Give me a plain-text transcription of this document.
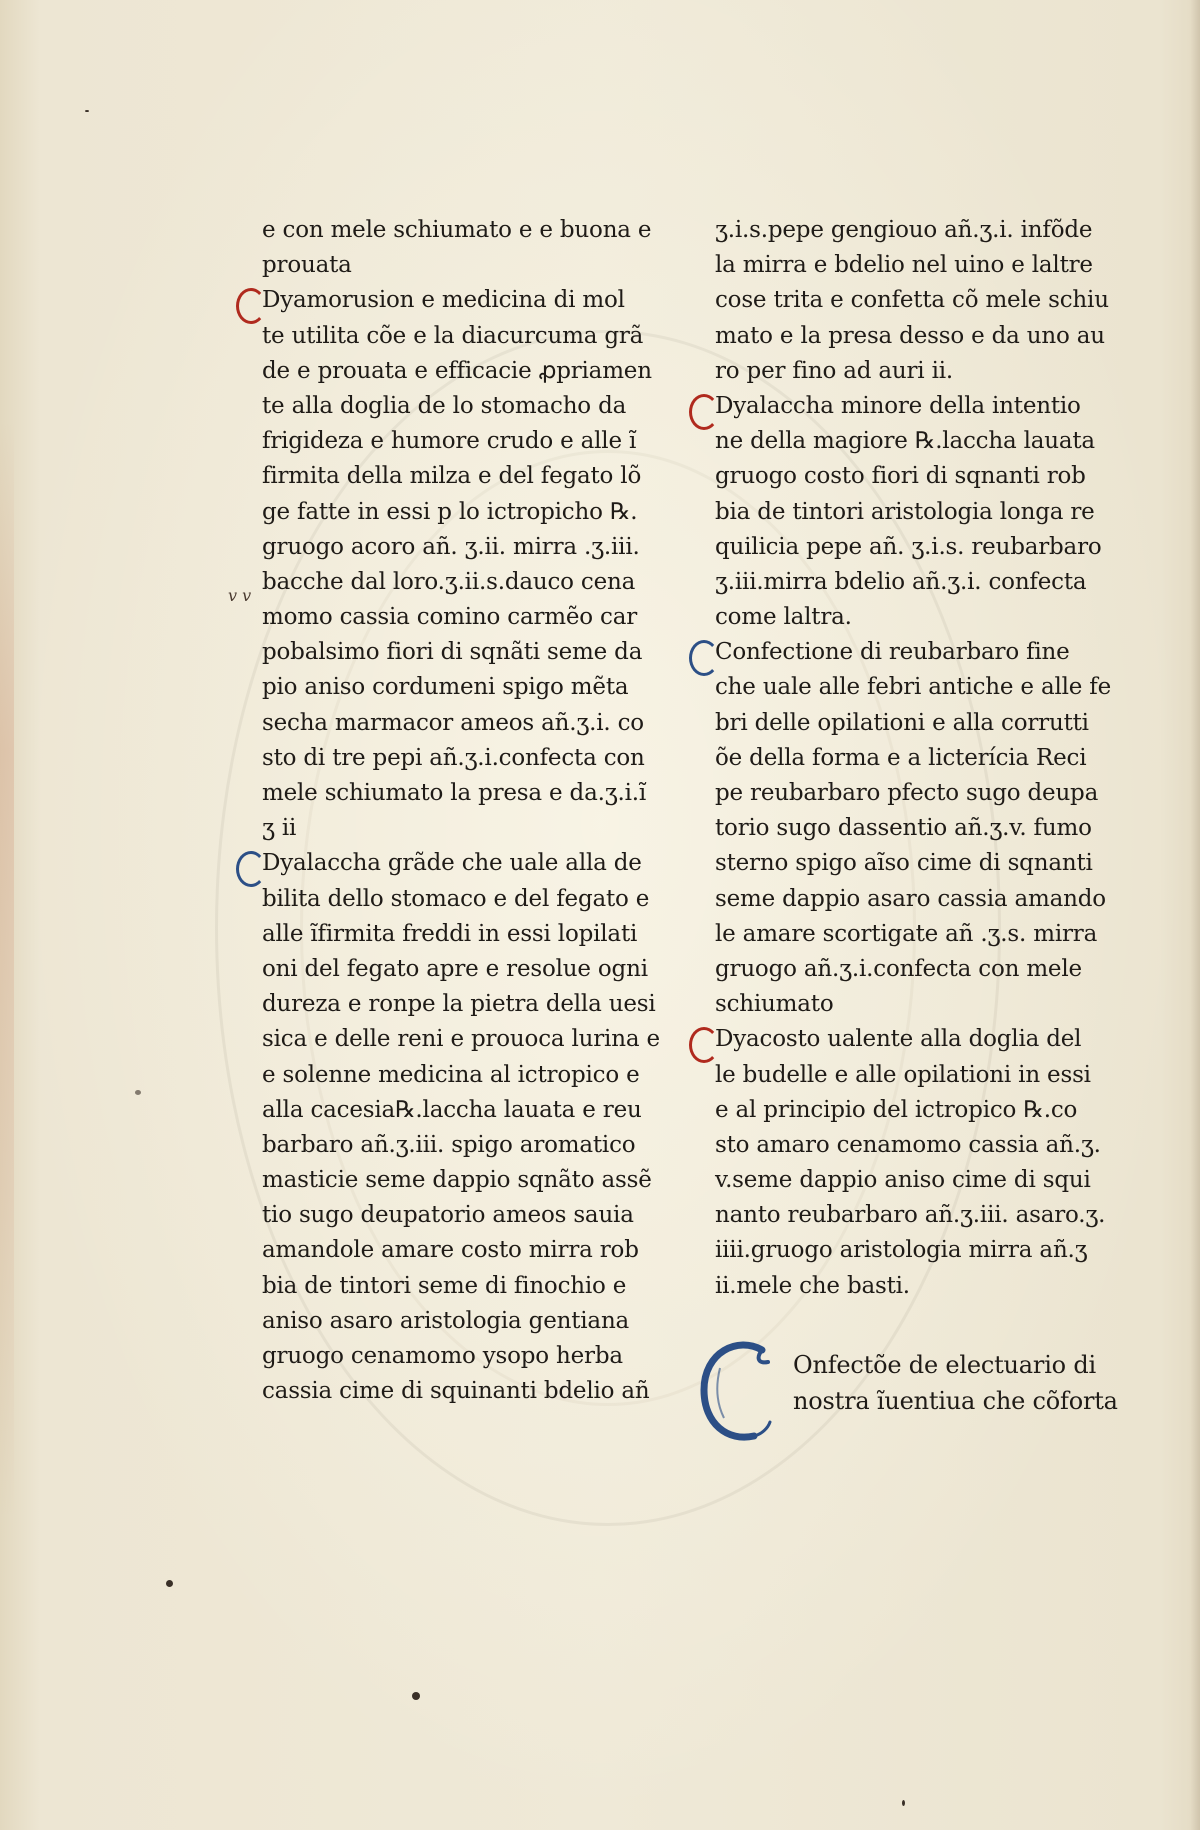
v v
e con mele schiumato e e buona e
prouata
Dyamorusion e medicina di mol
te utilita cõe e la diacurcuma grã
de e prouata e efficacie ꝓpriamen
te alla doglia de lo stomacho da
frigideza e humore crudo e alle ĩ
firmita della milza e del fegato lõ
ge fatte in essi p lo ictropicho ℞.
gruogo acoro añ. ʒ.ii. mirra .ʒ.iii.
bacche dal loro.ʒ.ii.s.dauco cena
momo cassia comino carmẽo car
pobalsimo fiori di sqnãti seme da
pio aniso cordumeni spigo mẽta
secha marmacor ameos añ.ʒ.i. co
sto di tre pepi añ.ʒ.i.confecta con
mele schiumato la presa e da.ʒ.i.ĩ
ʒ ii
Dyalaccha grãde che uale alla de
bilita dello stomaco e del fegato e
alle ĩfirmita freddi in essi lopilati
oni del fegato apre e resolue ogni
dureza e ronpe la pietra della uesi
sica e delle reni e prouoca lurina e
e solenne medicina al ictropico e
alla cacesia℞.laccha lauata e reu
barbaro añ.ʒ.iii. spigo aromatico
masticie seme dappio sqnãto assẽ
tio sugo deupatorio ameos sauia
amandole amare costo mirra rob
bia de tintori seme di finochio e
aniso asaro aristologia gentiana
gruogo cenamomo ysopo herba
cassia cime di squinanti bdelio añ
ʒ.i.s.pepe gengiouo añ.ʒ.i. infõde
la mirra e bdelio nel uino e laltre
cose trita e confetta cõ mele schiu
mato e la presa desso e da uno au
ro per fino ad auri ii.
Dyalaccha minore della intentio
ne della magiore ℞.laccha lauata
gruogo costo fiori di sqnanti rob
bia de tintori aristologia longa re
quilicia pepe añ. ʒ.i.s. reubarbaro
ʒ.iii.mirra bdelio añ.ʒ.i. confecta
come laltra.
Confectione di reubarbaro fine
che uale alle febri antiche e alle fe
bri delle opilationi e alla corrutti
õe della forma e a licterícia Reci
pe reubarbaro pfecto sugo deupa
torio sugo dassentio añ.ʒ.v. fumo
sterno spigo aĩso cime di sqnanti
seme dappio asaro cassia amando
le amare scortigate añ .ʒ.s. mirra
gruogo añ.ʒ.i.confecta con mele
schiumato
Dyacosto ualente alla doglia del
le budelle e alle opilationi in essi
e al principio del ictropico ℞.co
sto amaro cenamomo cassia añ.ʒ.
v.seme dappio aniso cime di squi
nanto reubarbaro añ.ʒ.iii. asaro.ʒ.
iiii.gruogo aristologia mirra añ.ʒ
ii.mele che basti.
Onfectõe de electuario di
nostra ĩuentiua che cõforta
